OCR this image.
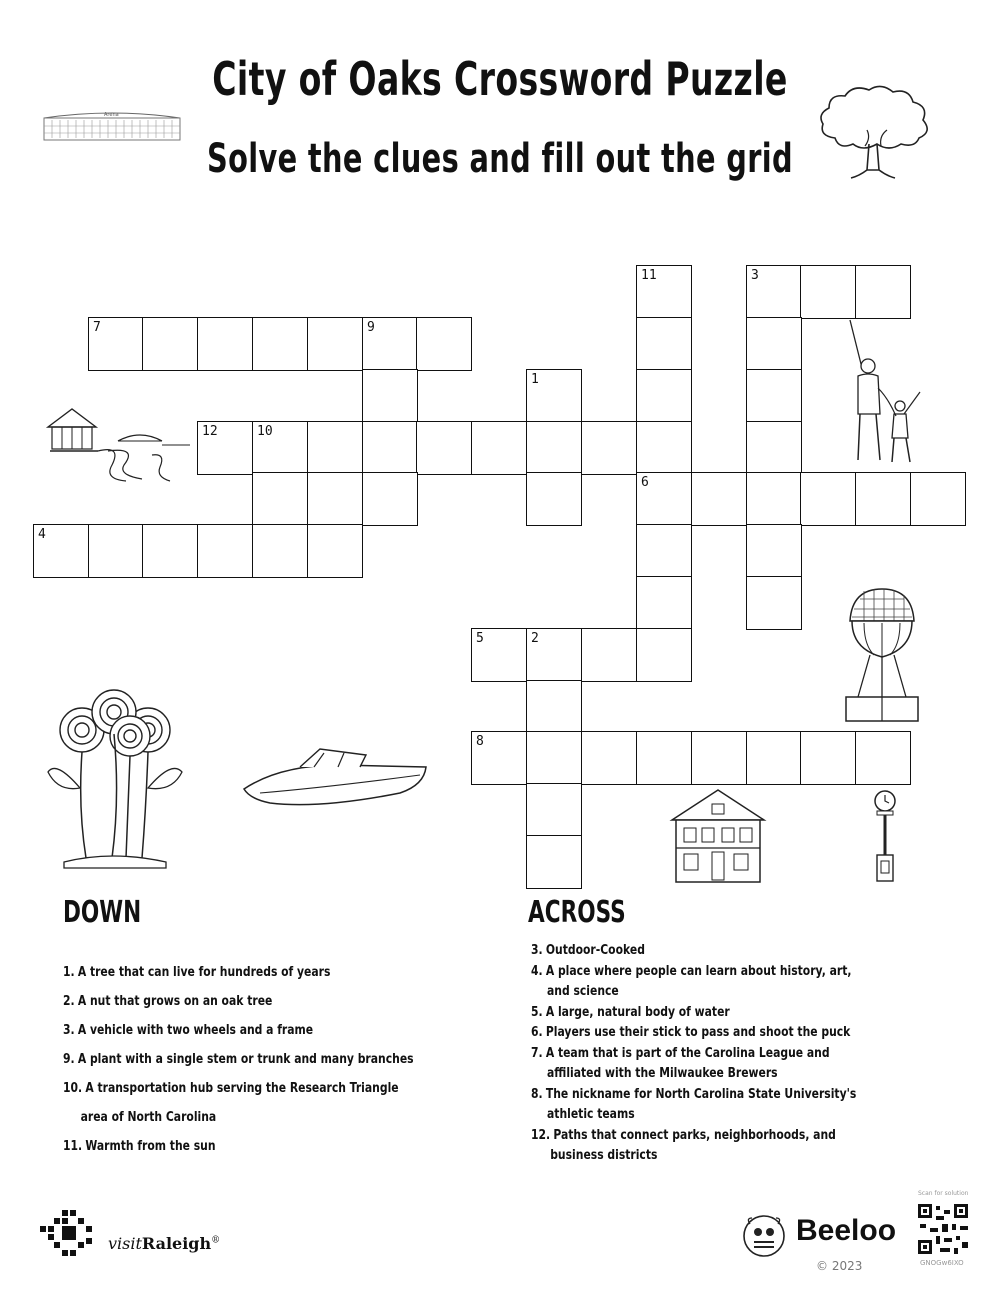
City of Oaks Crossword Puzzle
Solve the clues and fill out the grid
Arena
11	3
7	9
1
12	10
6
4
5	2
8
DOWN
1. A tree that can live for hundreds of years
2. A nut that grows on an oak tree
3. A vehicle with two wheels and a frame
9. A plant with a single stem or trunk and many branches
10. A transportation hub serving the Research Triangle
area of North Carolina
11. Warmth from the sun
ACROSS
3. Outdoor-Cooked
4. A place where people can learn about history, art,
and science
5. A large, natural body of water
6. Players use their stick to pass and shoot the puck
7. A team that is part of the Carolina League and
affiliated with the Milwaukee Brewers
8. The nickname for North Carolina State University's
athletic teams
12. Paths that connect parks, neighborhoods, and
business districts
visitRaleigh®	Beeloo
© 2023
Scan for solution
GNOGw6IXO
